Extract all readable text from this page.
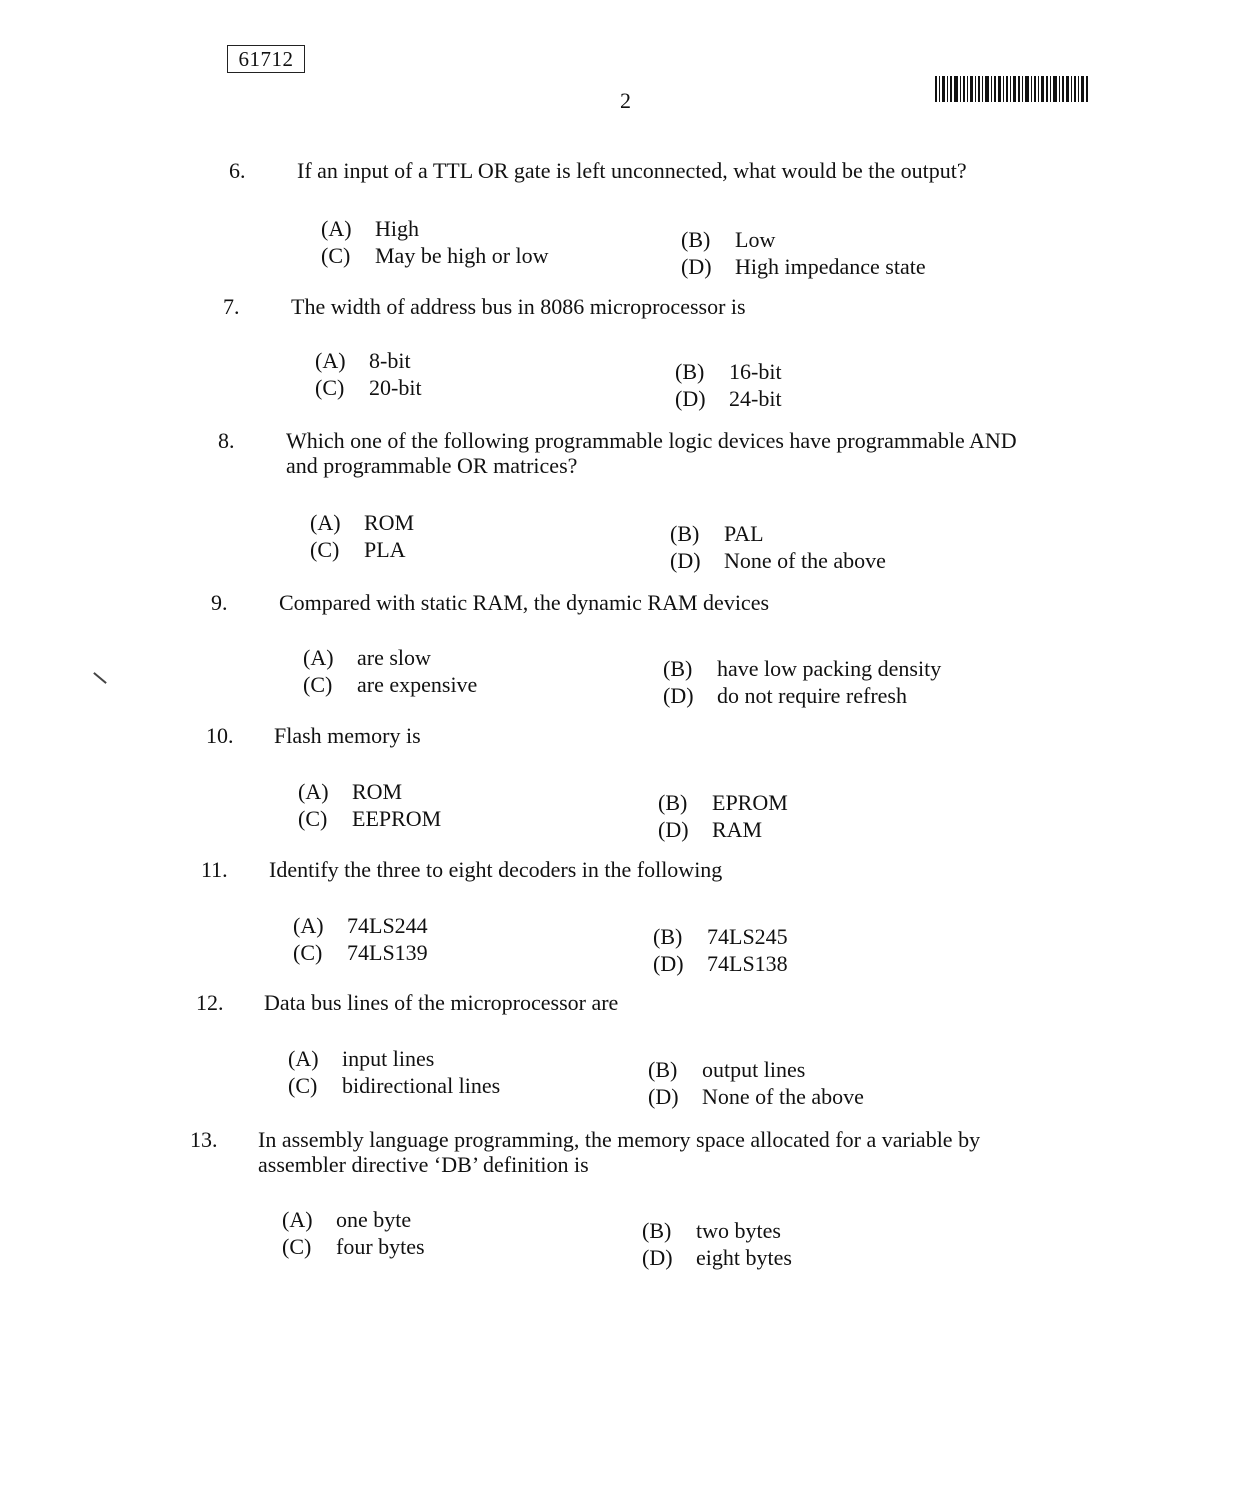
61712
2
6. If an input of a TTL OR gate is left unconnected, what would be the output?
(A) High
(C) May be high or low
(B) Low
(D) High impedance state
7. The width of address bus in 8086 microprocessor is
(A) 8-bit
(C) 20-bit
(B) 16-bit
(D) 24-bit
8. Which one of the following programmable logic devices have programmable AND and programmable OR matrices?
(A) ROM
(C) PLA
(B) PAL
(D) None of the above
9. Compared with static RAM, the dynamic RAM devices
(A) are slow
(C) are expensive
(B) have low packing density
(D) do not require refresh
10. Flash memory is
(A) ROM
(C) EEPROM
(B) EPROM
(D) RAM
11. Identify the three to eight decoders in the following
(A) 74LS244
(C) 74LS139
(B) 74LS245
(D) 74LS138
12. Data bus lines of the microprocessor are
(A) input lines
(C) bidirectional lines
(B) output lines
(D) None of the above
13. In assembly language programming, the memory space allocated for a variable by assembler directive ‘DB’ definition is
(A) one byte
(C) four bytes
(B) two bytes
(D) eight bytes
